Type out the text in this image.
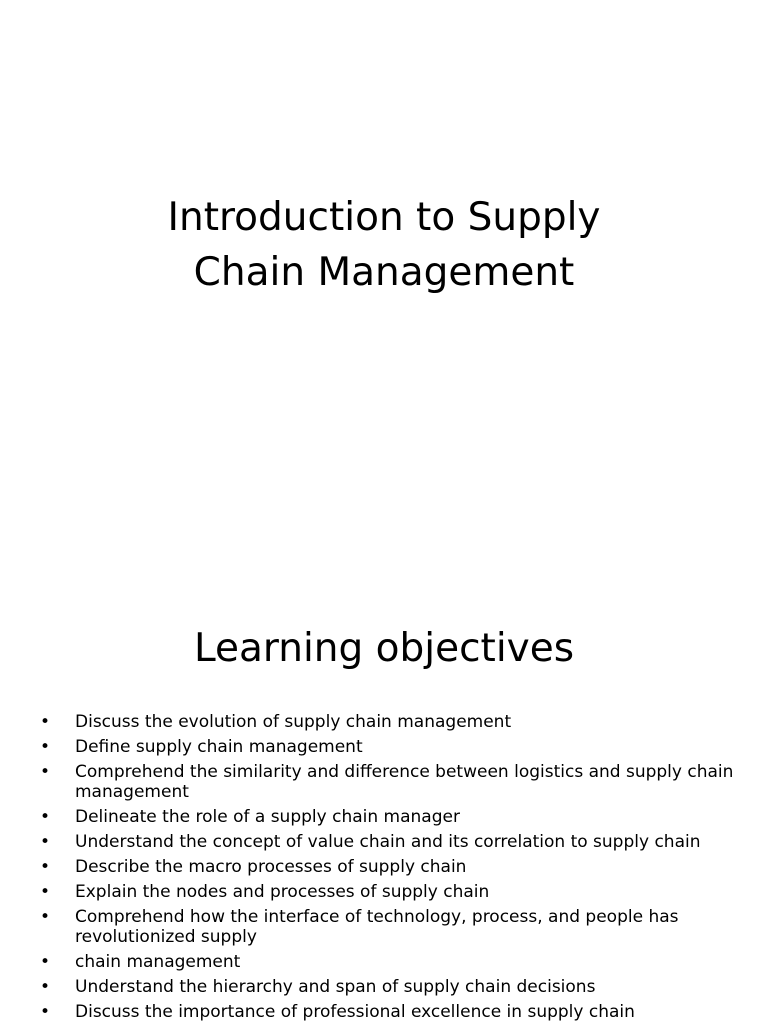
Introduction to Supply
Chain Management
Learning objectives
• Discuss the evolution of supply chain management
• Define supply chain management
• Comprehend the similarity and difference between logistics and supply chain management
• Delineate the role of a supply chain manager
• Understand the concept of value chain and its correlation to supply chain
• Describe the macro processes of supply chain
• Explain the nodes and processes of supply chain
• Comprehend how the interface of technology, process, and people has revolutionized supply
• chain management
• Understand the hierarchy and span of supply chain decisions
• Discuss the importance of professional excellence in supply chain
